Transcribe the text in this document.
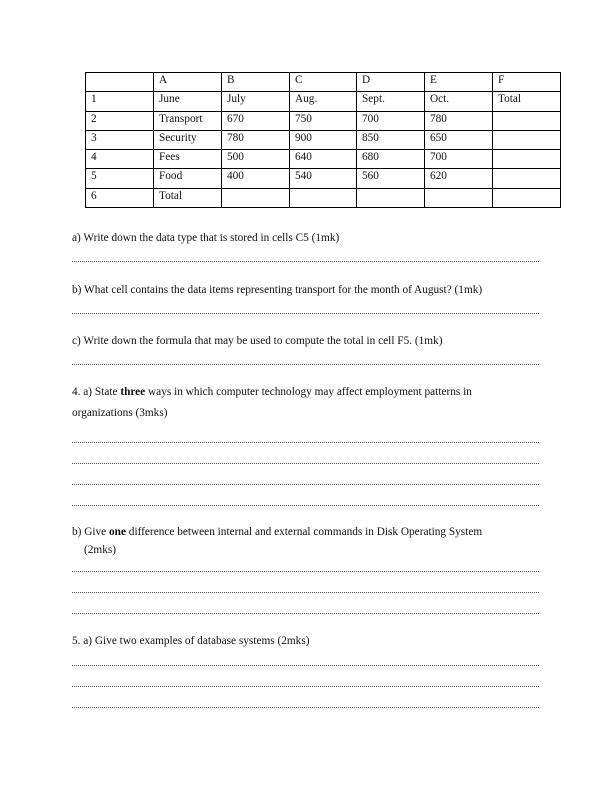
	A	B	C	D	E	F
1	June	July	Aug.	Sept.	Oct.	Total
2	Transport	670	750	700	780	
3	Security	780	900	850	650	
4	Fees	500	640	680	700	
5	Food	400	540	560	620	
6	Total					

a) Write down the data type that is stored in cells C5 (1mk)

b) What cell contains the data items representing transport for the month of August? (1mk)

c) Write down the formula that may be used to compute the total in cell F5. (1mk)

4. a) State three ways in which computer technology may affect employment patterns in
organizations (3mks)

b) Give one difference between internal and external commands in Disk Operating System
(2mks)

5. a) Give two examples of database systems (2mks)
